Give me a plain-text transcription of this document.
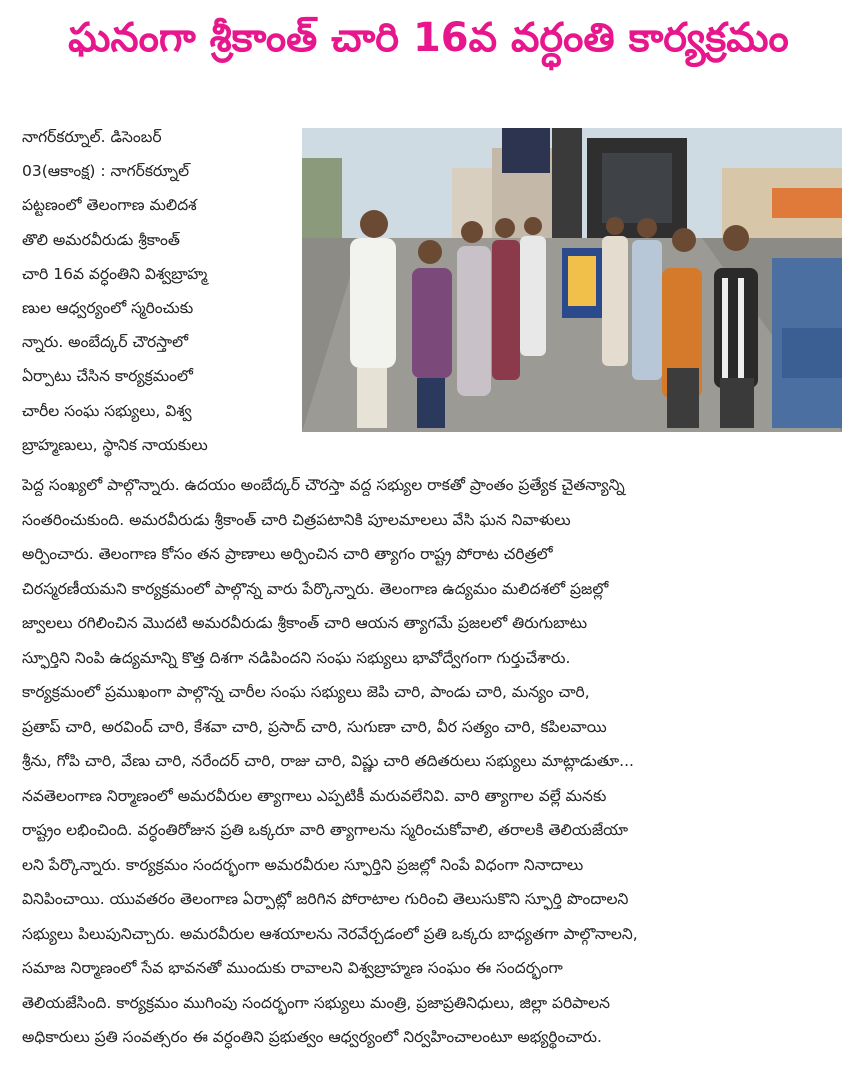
ఘనంగా శ్రీకాంత్ చారి 16వ వర్ధంతి కార్యక్రమం
నాగర్‌కర్నూల్. డిసెంబర్
03(ఆకాంక్ష) : నాగర్‌కర్నూల్
పట్టణంలో తెలంగాణ మలిదశ
తొలి అమరవీరుడు శ్రీకాంత్
చారి 16వ వర్ధంతిని విశ్వబ్రాహ్మ
ణుల ఆధ్వర్యంలో స్మరించుకు
న్నారు. అంబేద్కర్ చౌరస్తాలో
ఏర్పాటు చేసిన కార్యక్రమంలో
చారీల సంఘ సభ్యులు, విశ్వ
బ్రాహ్మణులు, స్థానిక నాయకులు
పెద్ద సంఖ్యలో పాల్గొన్నారు. ఉదయం అంబేద్కర్ చౌరస్తా వద్ద సభ్యుల రాకతో ప్రాంతం ప్రత్యేక చైతన్యాన్ని
సంతరించుకుంది. అమరవీరుడు శ్రీకాంత్ చారి చిత్రపటానికి పూలమాలలు వేసి ఘన నివాళులు
అర్పించారు. తెలంగాణ కోసం తన ప్రాణాలు అర్పించిన చారి త్యాగం రాష్ట్ర పోరాట చరిత్రలో
చిరస్మరణీయమని కార్యక్రమంలో పాల్గొన్న వారు పేర్కొన్నారు. తెలంగాణ ఉద్యమం మలిదశలో ప్రజల్లో
జ్వాలలు రగిలించిన మొదటి అమరవీరుడు శ్రీకాంత్ చారి ఆయన త్యాగమే ప్రజలలో తిరుగుబాటు
స్ఫూర్తిని నింపి ఉద్యమాన్ని కొత్త దిశగా నడిపిందని సంఘ సభ్యులు భావోద్వేగంగా గుర్తుచేశారు.
కార్యక్రమంలో ప్రముఖంగా పాల్గొన్న చారీల సంఘ సభ్యులు జెపి చారి, పాండు చారి, మన్యం చారి,
ప్రతాప్ చారి, అరవింద్ చారి, కేశవా చారి, ప్రసాద్ చారి, సుగుణా చారి, వీర సత్యం చారి, కపిలవాయి
శ్రీను, గోపి చారి, వేణు చారి, నరేందర్ చారి, రాజు చారి, విష్ణు చారి తదితరులు సభ్యులు మాట్లాడుతూ...
నవతెలంగాణ నిర్మాణంలో అమరవీరుల త్యాగాలు ఎప్పటికీ మరువలేనివి. వారి త్యాగాల వల్లే మనకు
రాష్ట్రం లభించింది. వర్ధంతిరోజున ప్రతి ఒక్కరూ వారి త్యాగాలను స్మరించుకోవాలి, తరాలకి తెలియజేయా
లని పేర్కొన్నారు. కార్యక్రమం సందర్భంగా అమరవీరుల స్ఫూర్తిని ప్రజల్లో నింపే విధంగా నినాదాలు
వినిపించాయి. యువతరం తెలంగాణ ఏర్పాట్లో జరిగిన పోరాటాల గురించి తెలుసుకొని స్ఫూర్తి పొందాలని
సభ్యులు పిలుపునిచ్చారు. అమరవీరుల ఆశయాలను నెరవేర్చడంలో ప్రతి ఒక్కరు బాధ్యతగా పాల్గొనాలని,
సమాజ నిర్మాణంలో సేవ భావనతో ముందుకు రావాలని విశ్వబ్రాహ్మణ సంఘం ఈ సందర్భంగా
తెలియజేసింది. కార్యక్రమం ముగింపు సందర్భంగా సభ్యులు మంత్రి, ప్రజాప్రతినిధులు, జిల్లా పరిపాలన
అధికారులు ప్రతి సంవత్సరం ఈ వర్ధంతిని ప్రభుత్వం ఆధ్వర్యంలో నిర్వహించాలంటూ అభ్యర్థించారు.
